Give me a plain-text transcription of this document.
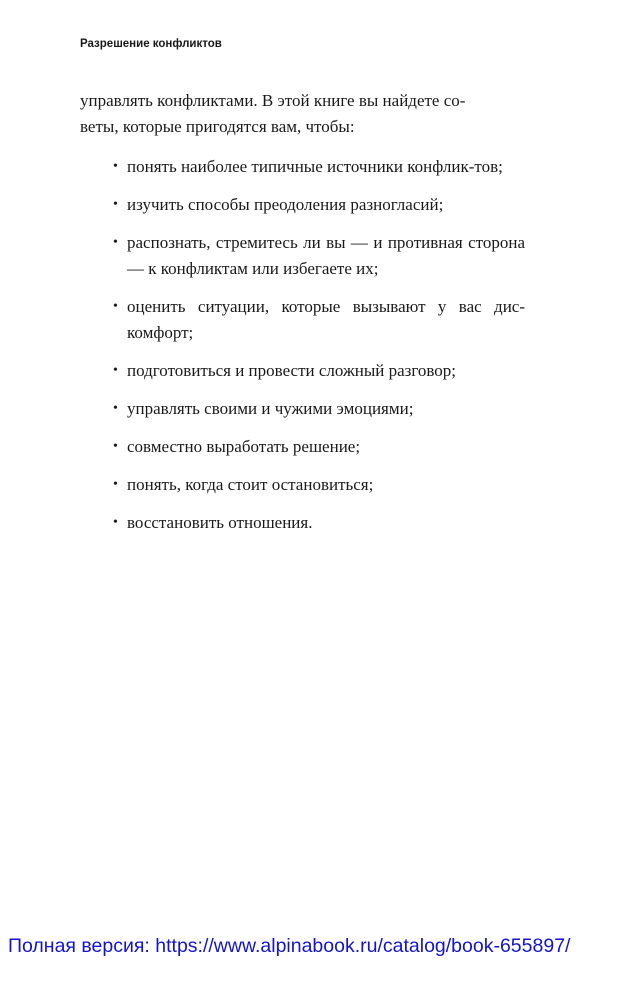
Разрешение конфликтов

управлять конфликтами. В этой книге вы найдете со-
веты, которые пригодятся вам, чтобы:

• понять наиболее типичные источники конфлик-тов;
• изучить способы преодоления разногласий;
• распознать, стремитесь ли вы — и противная сторона — к конфликтам или избегаете их;
• оценить ситуации, которые вызывают у вас дис-комфорт;
• подготовиться и провести сложный разговор;
• управлять своими и чужими эмоциями;
• совместно выработать решение;
• понять, когда стоит остановиться;
• восстановить отношения.
Полная версия: https://www.alpinabook.ru/catalog/book-655897/
